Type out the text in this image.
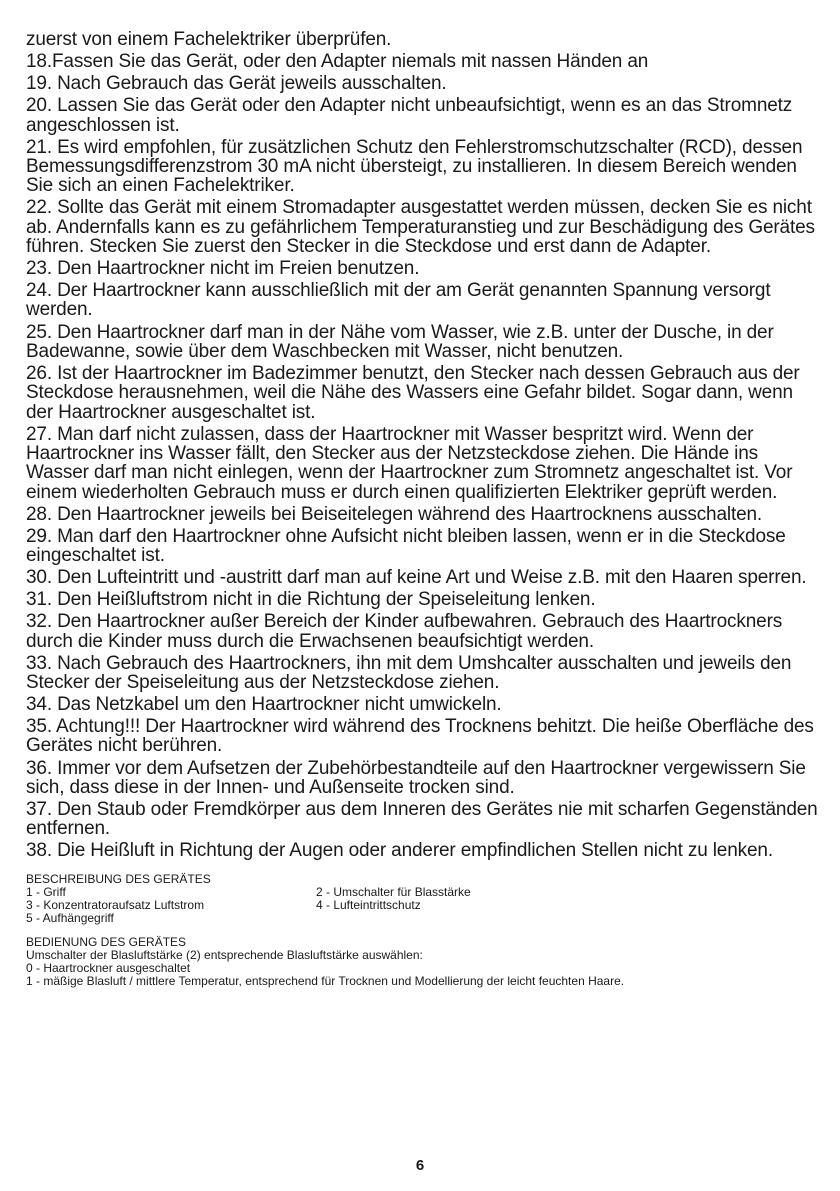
zuerst von einem Fachelektriker überprüfen.

18.Fassen Sie das Gerät, oder den Adapter niemals mit nassen Händen an

19. Nach Gebrauch das Gerät jeweils ausschalten.

20. Lassen Sie das Gerät oder den Adapter nicht unbeaufsichtigt, wenn es an das Stromnetz angeschlossen ist.

21. Es wird empfohlen, für zusätzlichen Schutz den Fehlerstromschutzschalter (RCD), dessen Bemessungsdifferenzstrom 30 mA nicht übersteigt, zu installieren. In diesem Bereich wenden Sie sich an einen Fachelektriker.

22. Sollte das Gerät mit einem Stromadapter ausgestattet werden müssen, decken Sie es nicht ab. Andernfalls kann es zu gefährlichem Temperaturanstieg und zur Beschädigung des Gerätes führen. Stecken Sie zuerst den Stecker in die Steckdose und erst dann de Adapter.

23. Den Haartrockner nicht im Freien benutzen.

24. Der Haartrockner kann ausschließlich mit der am Gerät genannten Spannung versorgt werden.

25. Den Haartrockner darf man in der Nähe vom Wasser, wie z.B. unter der Dusche, in der Badewanne, sowie über dem Waschbecken mit Wasser, nicht benutzen.

26. Ist der Haartrockner im Badezimmer benutzt, den Stecker nach dessen Gebrauch aus der Steckdose herausnehmen, weil die Nähe des Wassers eine Gefahr bildet. Sogar dann, wenn der Haartrockner ausgeschaltet ist.

27. Man darf nicht zulassen, dass der Haartrockner mit Wasser bespritzt wird. Wenn der Haartrockner ins Wasser fällt, den Stecker aus der Netzsteckdose ziehen. Die Hände ins Wasser darf man nicht einlegen, wenn der Haartrockner zum Stromnetz angeschaltet ist. Vor einem wiederholten Gebrauch muss er durch einen qualifizierten Elektriker geprüft werden.

28. Den Haartrockner jeweils bei Beiseitelegen während des Haartrocknens ausschalten.

29. Man darf den Haartrockner ohne Aufsicht nicht bleiben lassen, wenn er in die Steckdose eingeschaltet ist.

30. Den Lufteintritt und -austritt darf man auf keine Art und Weise z.B. mit den Haaren sperren.

31. Den Heißluftstrom nicht in die Richtung der Speiseleitung lenken.

32. Den Haartrockner außer Bereich der Kinder aufbewahren. Gebrauch des Haartrockners durch die Kinder muss durch die Erwachsenen beaufsichtigt werden.

33. Nach Gebrauch des Haartrockners, ihn mit dem Umshcalter ausschalten und jeweils den Stecker der Speiseleitung aus der Netzsteckdose ziehen.

34. Das Netzkabel um den Haartrockner nicht umwickeln.

35. Achtung!!! Der Haartrockner wird während des Trocknens behitzt. Die heiße Oberfläche des Gerätes nicht berühren.

36. Immer vor dem Aufsetzen der Zubehörbestandteile auf den Haartrockner vergewissern Sie sich, dass diese in der Innen- und Außenseite trocken sind.

37. Den Staub oder Fremdkörper aus dem Inneren des Gerätes nie mit scharfen Gegenständen entfernen.

38. Die Heißluft in Richtung der Augen oder anderer empfindlichen Stellen nicht zu lenken.

BESCHREIBUNG DES GERÄTES

1 - Griff	2 - Umschalter für Blasstärke
3 - Konzentratoraufsatz Luftstrom	4 - Lufteintrittschutz
5 - Aufhängegriff

BEDIENUNG DES GERÄTES

Umschalter der Blasluftstärke (2) entsprechende Blasluftstärke auswählen:

0 - Haartrockner ausgeschaltet

1 - mäßige Blasluft / mittlere Temperatur, entsprechend für Trocknen und Modellierung der leicht feuchten Haare.

6
